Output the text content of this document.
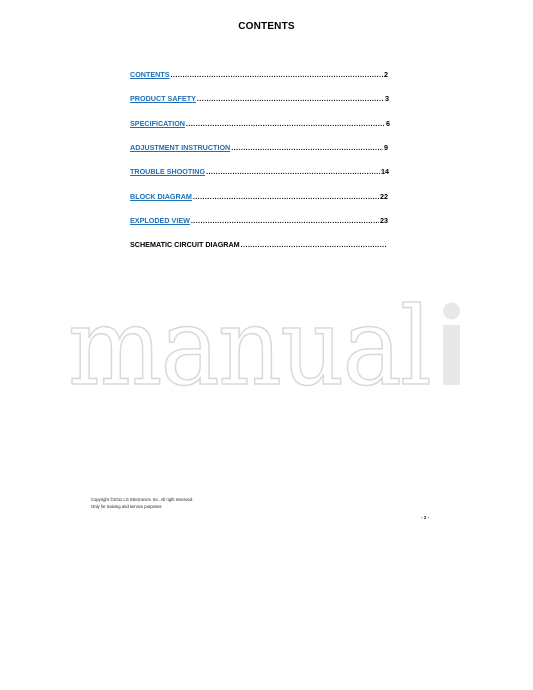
CONTENTS
CONTENTS .....	2
PRODUCT SAFETY .....	3
SPECIFICATION .....	6
ADJUSTMENT INSTRUCTION .....	9
TROUBLE SHOOTING .....	14
BLOCK DIAGRAM .....	22
EXPLODED VIEW .....	23
SCHEMATIC CIRCUIT DIAGRAM
.....
manual
Copyright ©2011 LG Electronics. Inc. All right reserved.
Only for training and service purposes
- 2 -
